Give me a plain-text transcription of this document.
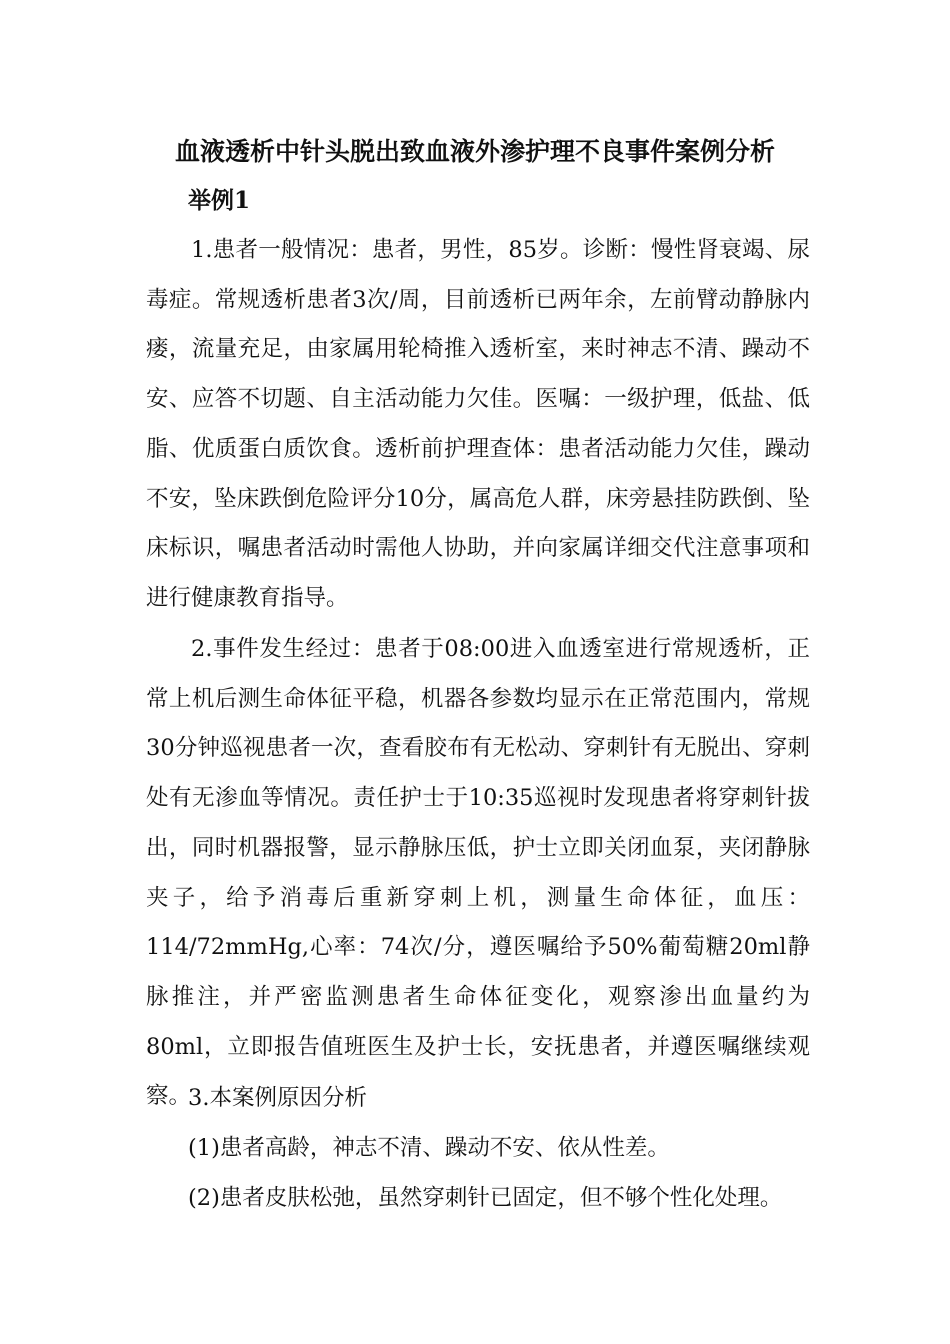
血液透析中针头脱出致血液外渗护理不良事件案例分析
举例1

1.患者一般情况：患者，男性，85岁。诊断：慢性肾衰竭、尿毒症。常规透析患者3次/周，目前透析已两年余，左前臂动静脉内瘘，流量充足，由家属用轮椅推入透析室，来时神志不清、躁动不安、应答不切题、自主活动能力欠佳。医嘱：一级护理，低盐、低脂、优质蛋白质饮食。透析前护理查体：患者活动能力欠佳，躁动不安，坠床跌倒危险评分10分，属高危人群，床旁悬挂防跌倒、坠床标识，嘱患者活动时需他人协助，并向家属详细交代注意事项和进行健康教育指导。

2.事件发生经过：患者于08:00进入血透室进行常规透析，正常上机后测生命体征平稳，机器各参数均显示在正常范围内，常规30分钟巡视患者一次，查看胶布有无松动、穿刺针有无脱出、穿刺处有无渗血等情况。责任护士于10:35巡视时发现患者将穿刺针拔出，同时机器报警，显示静脉压低，护士立即关闭血泵，夹闭静脉夹子，给予消毒后重新穿刺上机，测量生命体征，血压：114/72mmHg,心率：74次/分，遵医嘱给予50%葡萄糖20ml静脉推注，并严密监测患者生命体征变化，观察渗出血量约为80ml，立即报告值班医生及护士长，安抚患者，并遵医嘱继续观察。

3.本案例原因分析
(1)患者高龄，神志不清、躁动不安、依从性差。
(2)患者皮肤松弛，虽然穿刺针已固定，但不够个性化处理。
